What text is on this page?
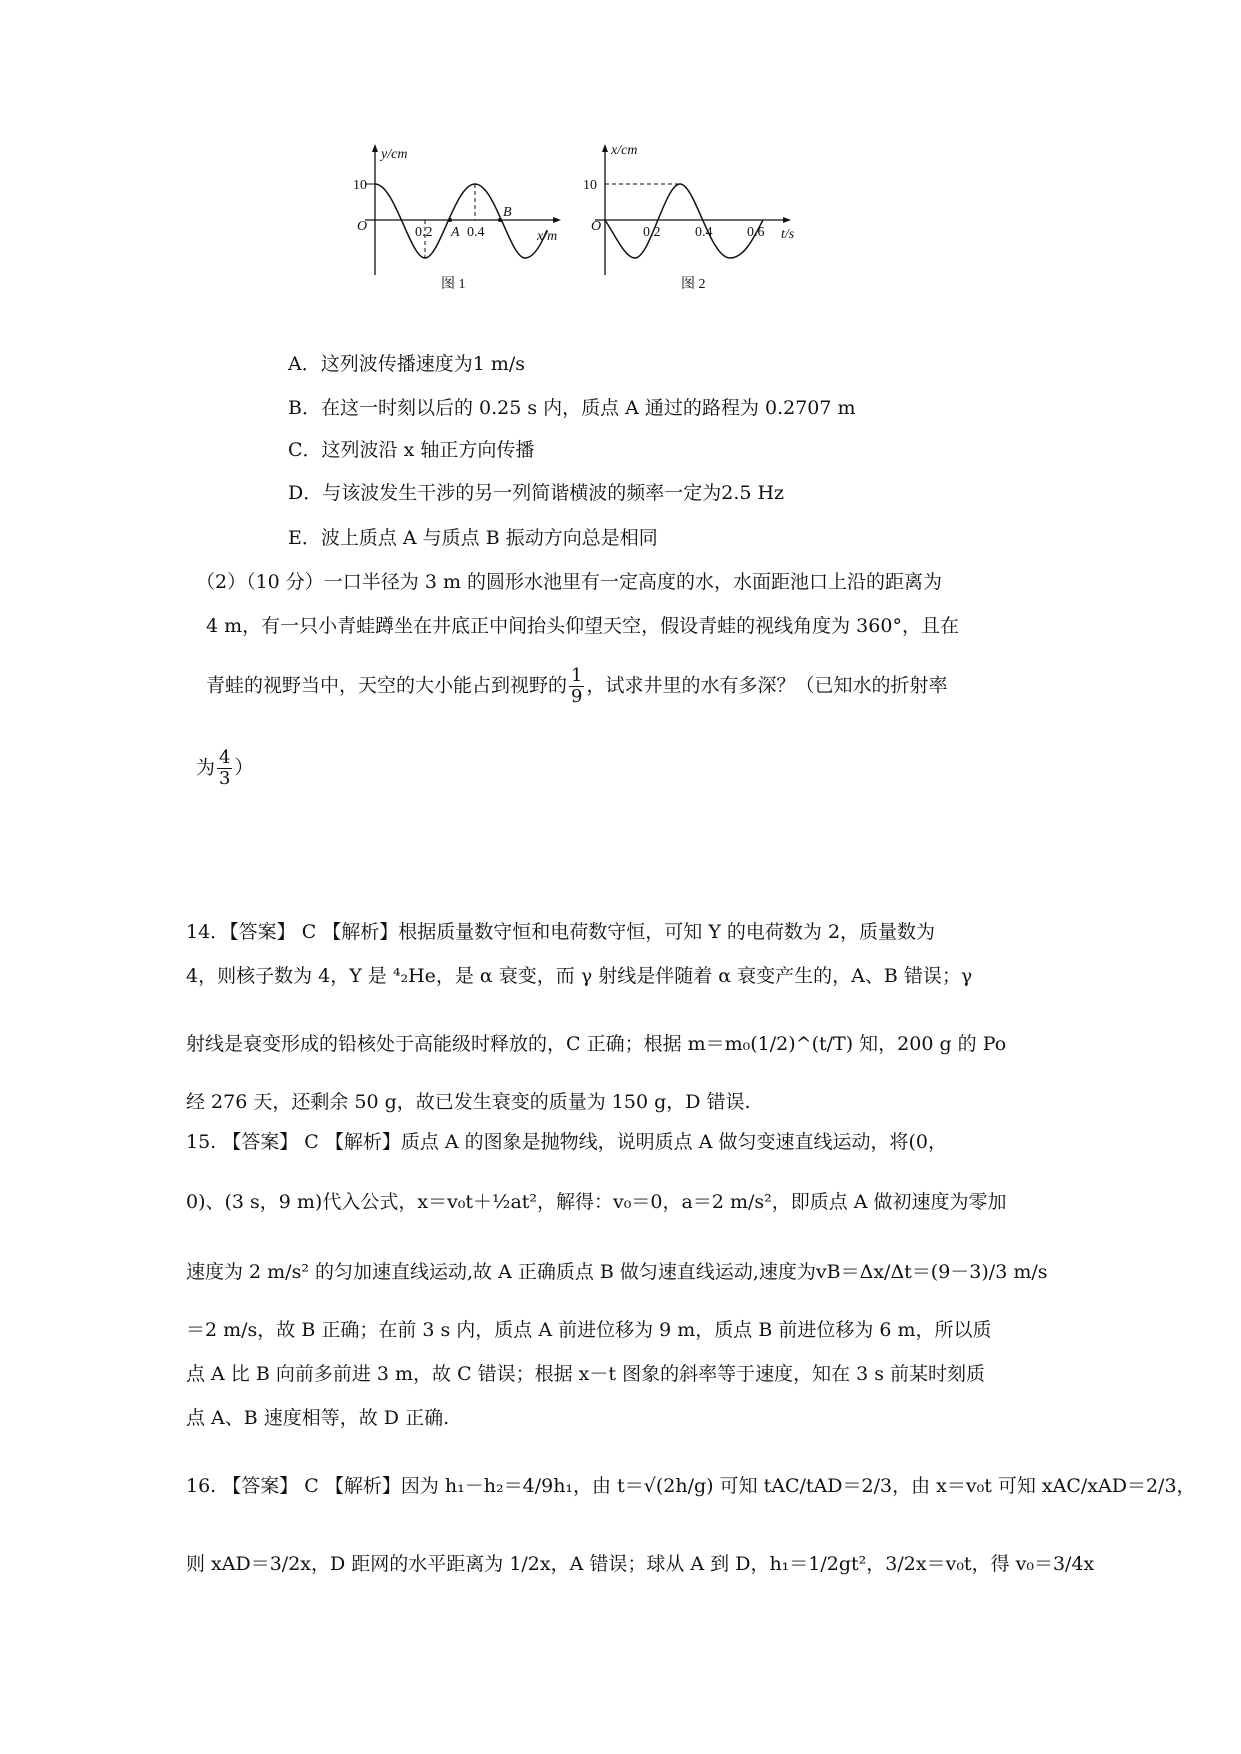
y/cm
10
O	0.2 A 0.4
B
x/m
图 1
x/cm
10
O	0.2 0.4 0.6 t/s
图 2
A．这列波传播速度为1 m/s
B．在这一时刻以后的 0.25 s 内，质点 A 通过的路程为 0.2707 m
C．这列波沿 x 轴正方向传播
D．与该波发生干涉的另一列简谐横波的频率一定为2.5 Hz
E．波上质点 A 与质点 B 振动方向总是相同
（2）（10 分）一口半径为 3 m 的圆形水池里有一定高度的水，水面距池口上沿的距离为
4 m，有一只小青蛙蹲坐在井底正中间抬头仰望天空，假设青蛙的视线角度为 360°，且在
青蛙的视野当中，天空的大小能占到视野的 $\frac{1}{9}$ ，试求井里的水有多深？（已知水的折射率
为 $\frac{4}{3}$ ）
14．【答案】 C 【解析】根据质量数守恒和电荷数守恒，可知 Y 的电荷数为 2，质量数为
4，则核子数为 4，Y 是 ⁴₂He，是 α 衰变，而 γ 射线是伴随着 α 衰变产生的，A、B 错误；γ
射线是衰变形成的铅核处于高能级时释放的，C 正确；根据 m＝m₀(1/2)^(t/T) 知，200 g 的 Po
经 276 天，还剩余 50 g，故已发生衰变的质量为 150 g，D 错误.
15. 【答案】 C 【解析】质点 A 的图象是抛物线，说明质点 A 做匀变速直线运动，将(0，
0)、(3 s，9 m)代入公式，x＝v₀t＋½at²，解得：v₀＝0，a＝2 m/s²，即质点 A 做初速度为零加
速度为 2 m/s² 的匀加速直线运动,故 A 正确质点 B 做匀速直线运动,速度为vB＝Δx/Δt＝(9－3)/3 m/s
＝2 m/s，故 B 正确；在前 3 s 内，质点 A 前进位移为 9 m，质点 B 前进位移为 6 m，所以质
点 A 比 B 向前多前进 3 m，故 C 错误；根据 x－t 图象的斜率等于速度，知在 3 s 前某时刻质
点 A、B 速度相等，故 D 正确.
16. 【答案】 C 【解析】因为 h₁－h₂＝4/9h₁，由 t＝√(2h/g) 可知 tAC/tAD＝2/3，由 x＝v₀t 可知 xAC/xAD＝2/3，
则 xAD＝3/2x，D 距网的水平距离为 1/2x，A 错误；球从 A 到 D，h₁＝1/2gt²，3/2x＝v₀t，得 v₀＝3/4x
